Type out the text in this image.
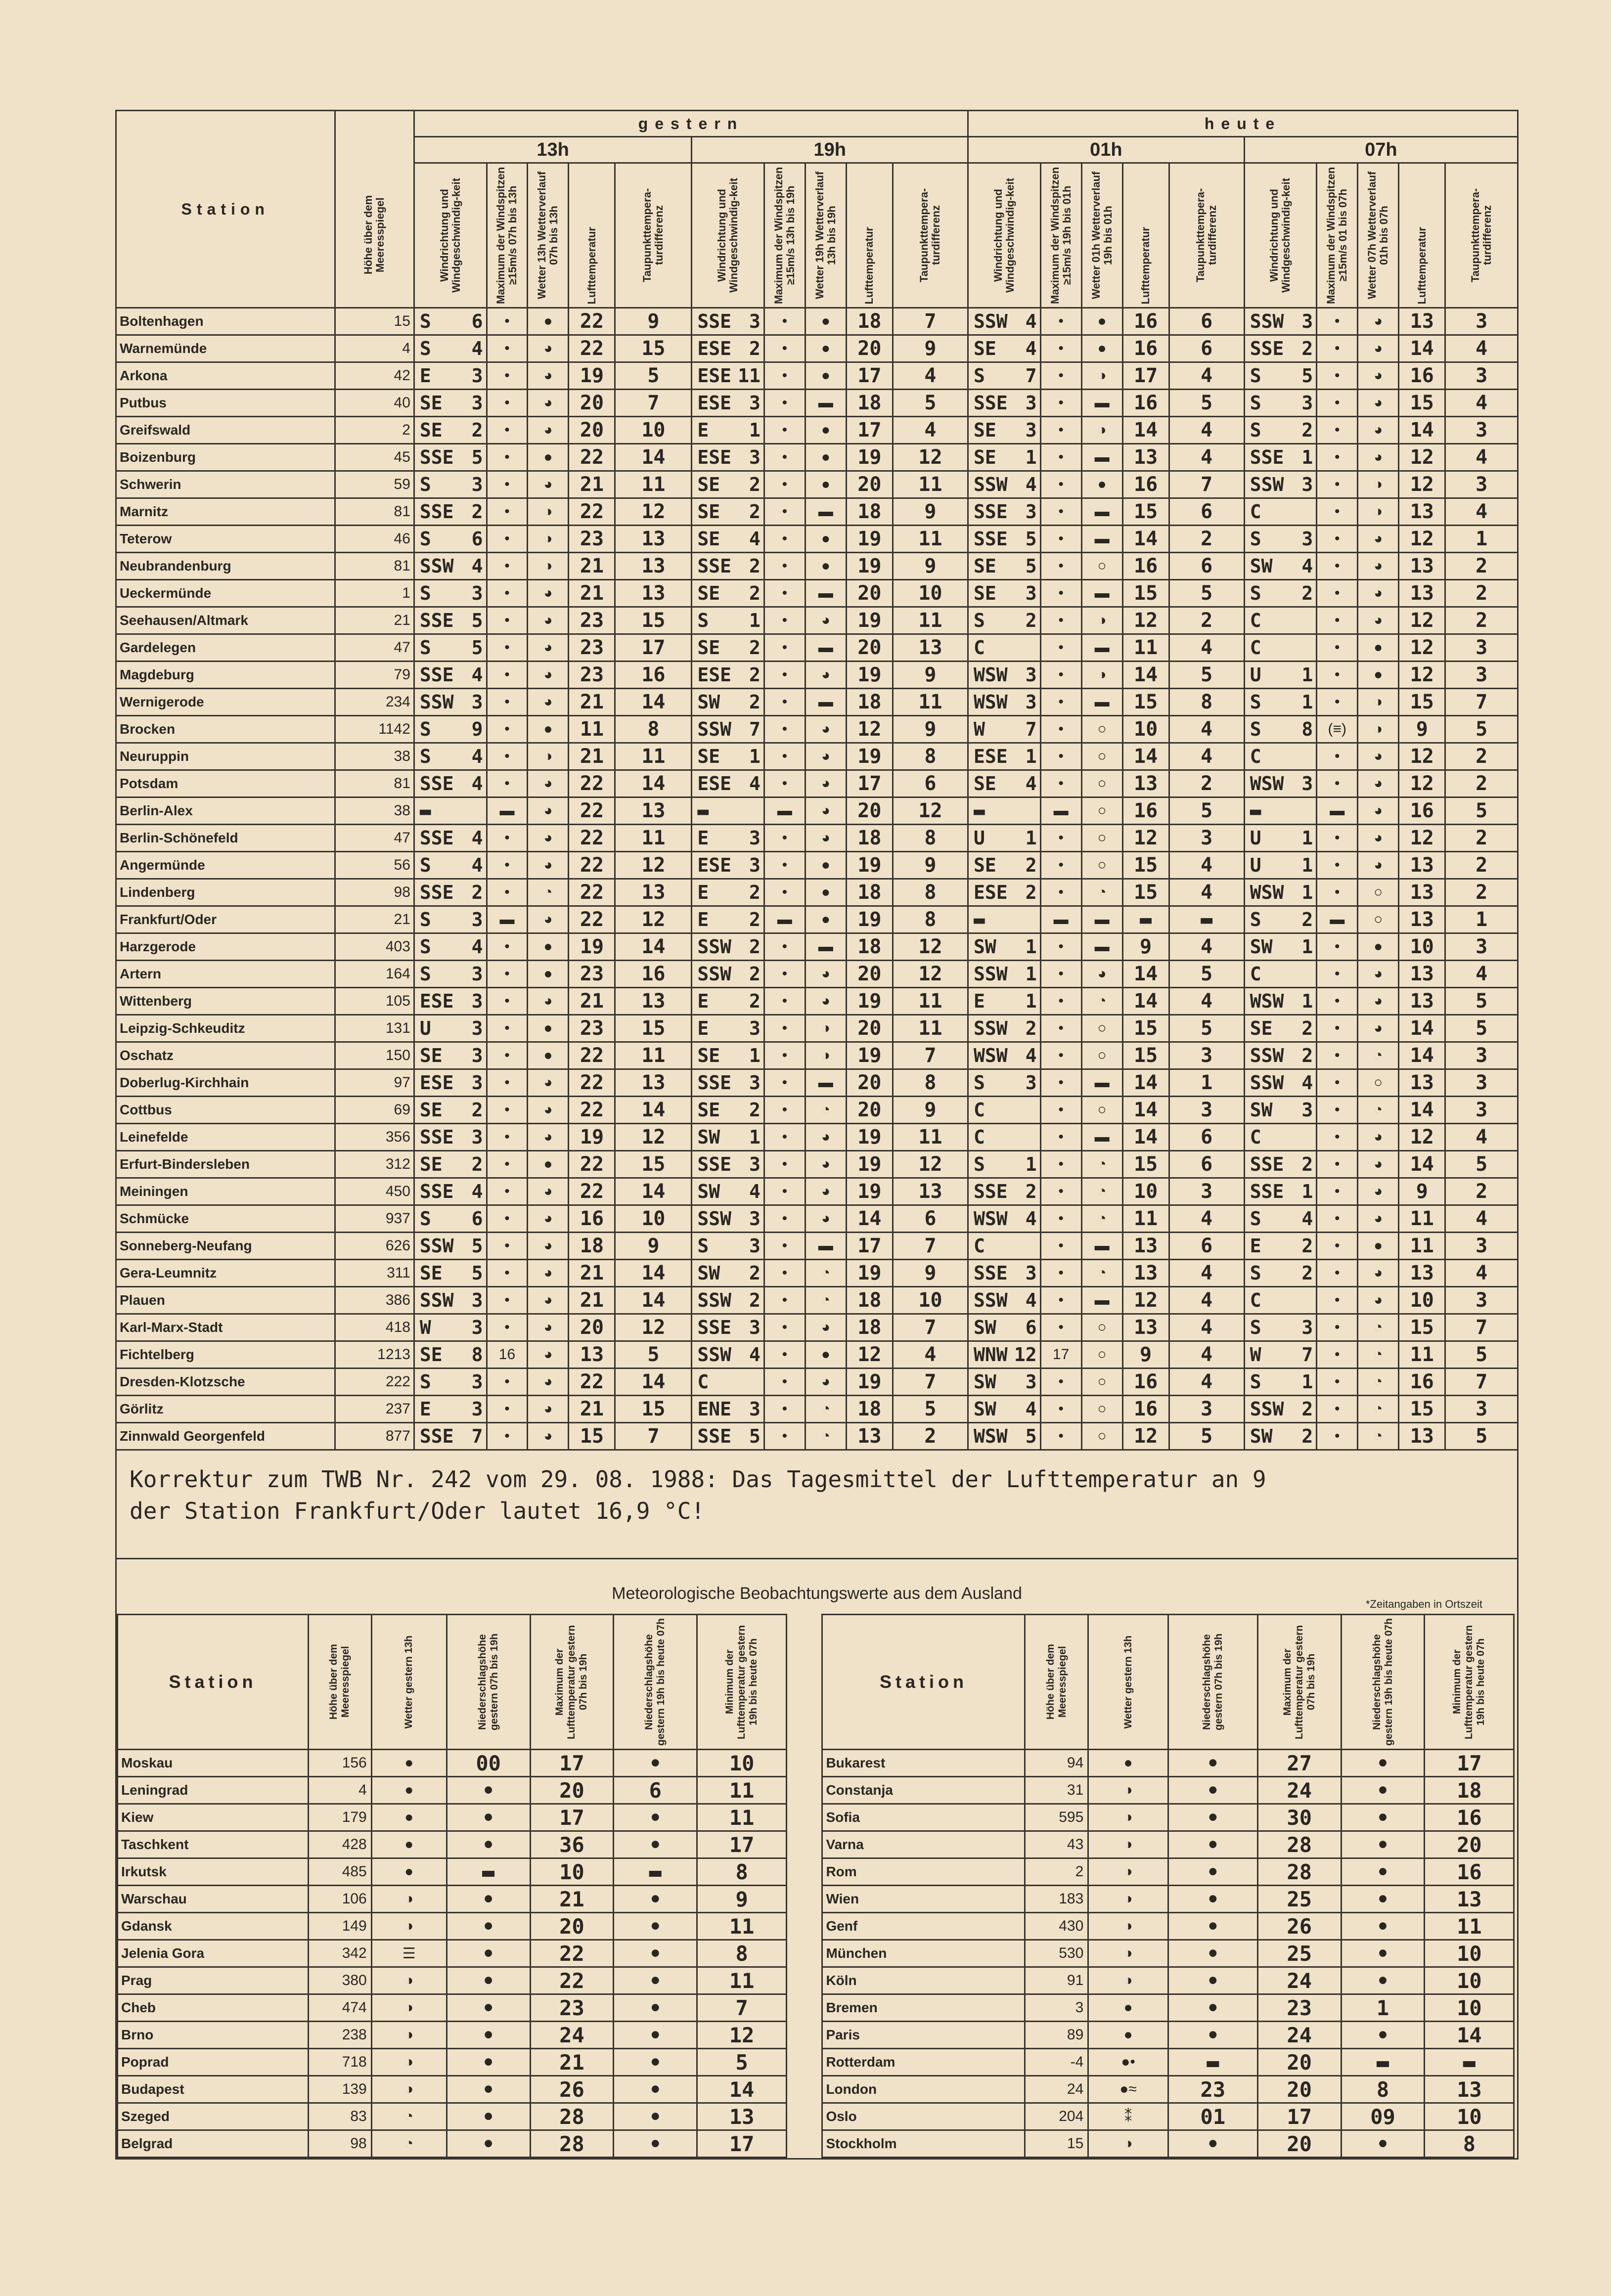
Station	Höhe über dem Meeresspiegel	gestern										heute									
		13h					19h					01h					07h				

		Windrichtung und Windgeschwindig-keit	Maximum der Windspitzen ≥15m/s 07h bis 13h	Wetter 13h Wetterverlauf 07h bis 13h	Lufttemperatur	Taupunkttempera-turdifferenz	Windrichtung und Windgeschwindig-keit	Maximum der Windspitzen ≥15m/s 13h bis 19h	Wetter 19h Wetterverlauf 13h bis 19h	Lufttemperatur	Taupunkttempera-turdifferenz	Windrichtung und Windgeschwindig-keit	Maximum der Windspitzen ≥15m/s 19h bis 01h	Wetter 01h Wetterverlauf 19h bis 01h	Lufttemperatur	Taupunkttempera-turdifferenz	Windrichtung und Windgeschwindig-keit	Maximum der Windspitzen ≥15m/s 01 bis 07h	Wetter 07h Wetterverlauf 01h bis 07h	Lufttemperatur	Taupunkttempera-turdifferenz

Boltenhagen	15	S 6	•	●	22	9	SSE 3	•	●	18	7	SSW 4	•	●	16	6	SSW 3	•	◕	13	3
Warnemünde	4	S 4	•	◕	22	15	ESE 2	•	●	20	9	SE 4	•	●	16	6	SSE 2	•	◕	14	4
Arkona	42	E 3	•	◕	19	5	ESE 11	•	●	17	4	S 7	•	◑	17	4	S 5	•	◕	16	3
Putbus	40	SE 3	•	◕	20	7	ESE 3	•	▬	18	5	SSE 3	•	▬	16	5	S 3	•	◕	15	4
Greifswald	2	SE 2	•	◕	20	10	E 1	•	●	17	4	SE 3	•	◑	14	4	S 2	•	◕	14	3
Boizenburg	45	SSE 5	•	●	22	14	ESE 3	•	●	19	12	SE 1	•	▬	13	4	SSE 1	•	◕	12	4
Schwerin	59	S 3	•	◕	21	11	SE 2	•	●	20	11	SSW 4	•	●	16	7	SSW 3	•	◑	12	3
Marnitz	81	SSE 2	•	◑	22	12	SE 2	•	▬	18	9	SSE 3	•	▬	15	6	C	•	◑	13	4
Teterow	46	S 6	•	◑	23	13	SE 4	•	●	19	11	SSE 5	•	▬	14	2	S 3	•	◕	12	1
Neubrandenburg	81	SSW 4	•	◑	21	13	SSE 2	•	●	19	9	SE 5	•	○	16	6	SW 4	•	◕	13	2
Ueckermünde	1	S 3	•	◕	21	13	SE 2	•	▬	20	10	SE 3	•	▬	15	5	S 2	•	◕	13	2
Seehausen/Altmark	21	SSE 5	•	◕	23	15	S 1	•	◕	19	11	S 2	•	◑	12	2	C	•	◕	12	2
Gardelegen	47	S 5	•	◕	23	17	SE 2	•	▬	20	13	C	•	▬	11	4	C	•	●	12	3
Magdeburg	79	SSE 4	•	◕	23	16	ESE 2	•	◕	19	9	WSW 3	•	◑	14	5	U 1	•	●	12	3
Wernigerode	234	SSW 3	•	◕	21	14	SW 2	•	▬	18	11	WSW 3	•	▬	15	8	S 1	•	◑	15	7
Brocken	1142	S 9	•	●	11	8	SSW 7	•	◕	12	9	W 7	•	○	10	4	S 8	(≡)	◑	9	5
Neuruppin	38	S 4	•	◑	21	11	SE 1	•	◕	19	8	ESE 1	•	○	14	4	C	•	◕	12	2
Potsdam	81	SSE 4	•	◕	22	14	ESE 4	•	◕	17	6	SE 4	•	○	13	2	WSW 3	•	◕	12	2
Berlin-Alex	38	▬	▬	◕	22	13	▬	▬	◕	20	12	▬	▬	○	16	5	▬	▬	◕	16	5
Berlin-Schönefeld	47	SSE 4	•	◕	22	11	E 3	•	◕	18	8	U 1	•	○	12	3	U 1	•	◕	12	2
Angermünde	56	S 4	•	◕	22	12	ESE 3	•	●	19	9	SE 2	•	○	15	4	U 1	•	◕	13	2
Lindenberg	98	SSE 2	•	◔	22	13	E 2	•	●	18	8	ESE 2	•	◔	15	4	WSW 1	•	○	13	2
Frankfurt/Oder	21	S 3	▬	◕	22	12	E 2	▬	●	19	8	▬	▬	▬	▬	▬	S 2	▬	○	13	1
Harzgerode	403	S 4	•	●	19	14	SSW 2	•	▬	18	12	SW 1	•	▬	9	4	SW 1	•	●	10	3
Artern	164	S 3	•	●	23	16	SSW 2	•	◕	20	12	SSW 1	•	◕	14	5	C	•	◕	13	4
Wittenberg	105	ESE 3	•	◕	21	13	E 2	•	◕	19	11	E 1	•	◔	14	4	WSW 1	•	◕	13	5
Leipzig-Schkeuditz	131	U 3	•	●	23	15	E 3	•	◑	20	11	SSW 2	•	○	15	5	SE 2	•	◕	14	5
Oschatz	150	SE 3	•	●	22	11	SE 1	•	◑	19	7	WSW 4	•	○	15	3	SSW 2	•	◔	14	3
Doberlug-Kirchhain	97	ESE 3	•	◕	22	13	SSE 3	•	▬	20	8	S 3	•	▬	14	1	SSW 4	•	○	13	3
Cottbus	69	SE 2	•	◕	22	14	SE 2	•	◔	20	9	C	•	○	14	3	SW 3	•	◔	14	3
Leinefelde	356	SSE 3	•	◕	19	12	SW 1	•	◕	19	11	C	•	▬	14	6	C	•	◕	12	4
Erfurt-Bindersleben	312	SE 2	•	●	22	15	SSE 3	•	◕	19	12	S 1	•	◔	15	6	SSE 2	•	◕	14	5
Meiningen	450	SSE 4	•	◕	22	14	SW 4	•	◕	19	13	SSE 2	•	◔	10	3	SSE 1	•	◕	9	2
Schmücke	937	S 6	•	◕	16	10	SSW 3	•	◕	14	6	WSW 4	•	◔	11	4	S 4	•	◕	11	4
Sonneberg-Neufang	626	SSW 5	•	◕	18	9	S 3	•	▬	17	7	C	•	▬	13	6	E 2	•	●	11	3
Gera-Leumnitz	311	SE 5	•	◕	21	14	SW 2	•	◔	19	9	SSE 3	•	◔	13	4	S 2	•	◕	13	4
Plauen	386	SSW 3	•	◕	21	14	SSW 2	•	◔	18	10	SSW 4	•	▬	12	4	C	•	◕	10	3
Karl-Marx-Stadt	418	W 3	•	◕	20	12	SSE 3	•	◕	18	7	SW 6	•	○	13	4	S 3	•	◔	15	7
Fichtelberg	1213	SE 8	16	◕	13	5	SSW 4	•	●	12	4	WNW 12	17	○	9	4	W 7	•	◔	11	5
Dresden-Klotzsche	222	S 3	•	◕	22	14	C	•	◕	19	7	SW 3	•	○	16	4	S 1	•	◔	16	7
Görlitz	237	E 3	•	◕	21	15	ENE 3	•	◔	18	5	SW 4	•	○	16	3	SSW 2	•	◔	15	3
Zinnwald Georgenfeld	877	SSE 7	•	◕	15	7	SSE 5	•	◔	13	2	WSW 5	•	○	12	5	SW 2	•	◔	13	5
Korrektur zum TWB Nr. 242 vom 29. 08. 1988: Das Tagesmittel der Lufttemperatur an 9
der Station Frankfurt/Oder lautet 16,9 °C!
Meteorologische Beobachtungswerte aus dem Ausland
*Zeitangaben in Ortszeit
Station	Höhe über dem Meeresspiegel	Wetter gestern 13h	Niederschlagshöhe gestern 07h bis 19h	Maximum der Lufttemperatur gestern 07h bis 19h	Niederschlagshöhe gestern 19h bis heute 07h	Minimum der Lufttemperatur gestern 19h bis heute 07h		Station	Höhe über dem Meeresspiegel	Wetter gestern 13h	Niederschlagshöhe gestern 07h bis 19h	Maximum der Lufttemperatur gestern 07h bis 19h	Niederschlagshöhe gestern 19h bis heute 07h	Minimum der Lufttemperatur gestern 19h bis heute 07h	

Moskau	156	●	00	17	•	10		Bukarest	94	●	•	27	•	17	
Leningrad	4	●	•	20	6	11		Constanja	31	◑	•	24	•	18	
Kiew	179	●	•	17	•	11		Sofia	595	◑	•	30	•	16	
Taschkent	428	●	•	36	•	17		Varna	43	◑	•	28	•	20	
Irkutsk	485	●	▬	10	▬	8		Rom	2	◑	•	28	•	16	
Warschau	106	◑	•	21	•	9		Wien	183	◑	•	25	•	13	
Gdansk	149	◑	•	20	•	11		Genf	430	◑	•	26	•	11	
Jelenia Gora	342	☰	•	22	•	8		München	530	◑	•	25	•	10	
Prag	380	◑	•	22	•	11		Köln	91	◑	•	24	•	10	
Cheb	474	◑	•	23	•	7		Bremen	3	●	•	23	1	10	
Brno	238	◑	•	24	•	12		Paris	89	●	•	24	•	14	
Poprad	718	◑	•	21	•	5		Rotterdam	-4	●•	▬	20	▬	▬	
Budapest	139	◑	•	26	•	14		London	24	●≈	23	20	8	13	
Szeged	83	◔	•	28	•	13		Oslo	204	⁑	01	17	09	10	
Belgrad	98	◔	•	28	•	17		Stockholm	15	◑	•	20	•	8	
